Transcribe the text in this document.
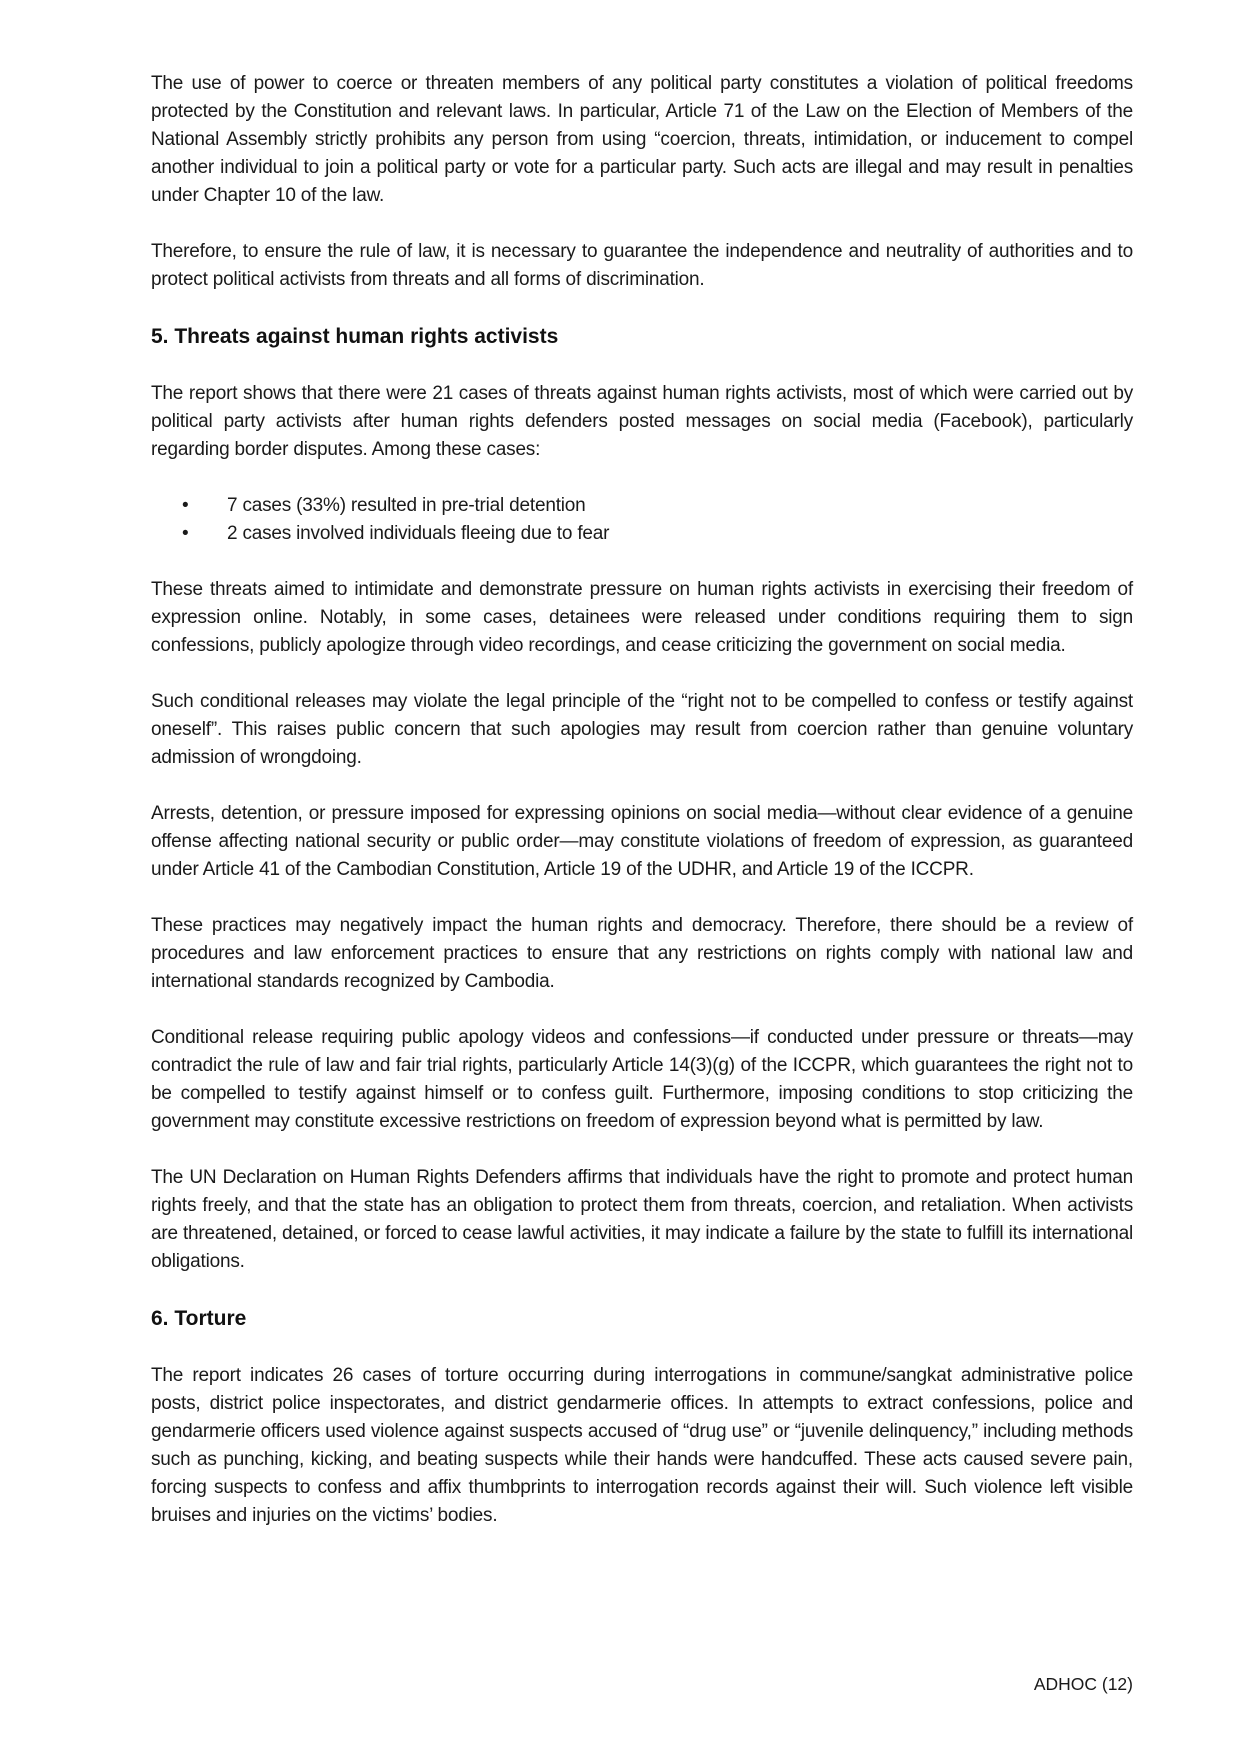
The use of power to coerce or threaten members of any political party constitutes a violation of political freedoms protected by the Constitution and relevant laws. In particular, Article 71 of the Law on the Election of Members of the National Assembly strictly prohibits any person from using “coercion, threats, intimidation, or inducement to compel another individual to join a political party or vote for a particular party. Such acts are illegal and may result in penalties under Chapter 10 of the law.

Therefore, to ensure the rule of law, it is necessary to guarantee the independence and neutrality of authorities and to protect political activists from threats and all forms of discrimination.

5. Threats against human rights activists

The report shows that there were 21 cases of threats against human rights activists, most of which were carried out by political party activists after human rights defenders posted messages on social media (Facebook), particularly regarding border disputes. Among these cases:

• 7 cases (33%) resulted in pre-trial detention
• 2 cases involved individuals fleeing due to fear

These threats aimed to intimidate and demonstrate pressure on human rights activists in exercising their freedom of expression online. Notably, in some cases, detainees were released under conditions requiring them to sign confessions, publicly apologize through video recordings, and cease criticizing the government on social media.

Such conditional releases may violate the legal principle of the “right not to be compelled to confess or testify against oneself”. This raises public concern that such apologies may result from coercion rather than genuine voluntary admission of wrongdoing.

Arrests, detention, or pressure imposed for expressing opinions on social media—without clear evidence of a genuine offense affecting national security or public order—may constitute violations of freedom of expression, as guaranteed under Article 41 of the Cambodian Constitution, Article 19 of the UDHR, and Article 19 of the ICCPR.

These practices may negatively impact the human rights and democracy. Therefore, there should be a review of procedures and law enforcement practices to ensure that any restrictions on rights comply with national law and international standards recognized by Cambodia.

Conditional release requiring public apology videos and confessions—if conducted under pressure or threats—may contradict the rule of law and fair trial rights, particularly Article 14(3)(g) of the ICCPR, which guarantees the right not to be compelled to testify against himself or to confess guilt. Furthermore, imposing conditions to stop criticizing the government may constitute excessive restrictions on freedom of expression beyond what is permitted by law.

The UN Declaration on Human Rights Defenders affirms that individuals have the right to promote and protect human rights freely, and that the state has an obligation to protect them from threats, coercion, and retaliation. When activists are threatened, detained, or forced to cease lawful activities, it may indicate a failure by the state to fulfill its international obligations.

6. Torture

The report indicates 26 cases of torture occurring during interrogations in commune/sangkat administrative police posts, district police inspectorates, and district gendarmerie offices. In attempts to extract confessions, police and gendarmerie officers used violence against suspects accused of “drug use” or “juvenile delinquency,” including methods such as punching, kicking, and beating suspects while their hands were handcuffed. These acts caused severe pain, forcing suspects to confess and affix thumbprints to interrogation records against their will. Such violence left visible bruises and injuries on the victims’ bodies.

ADHOC (12)
